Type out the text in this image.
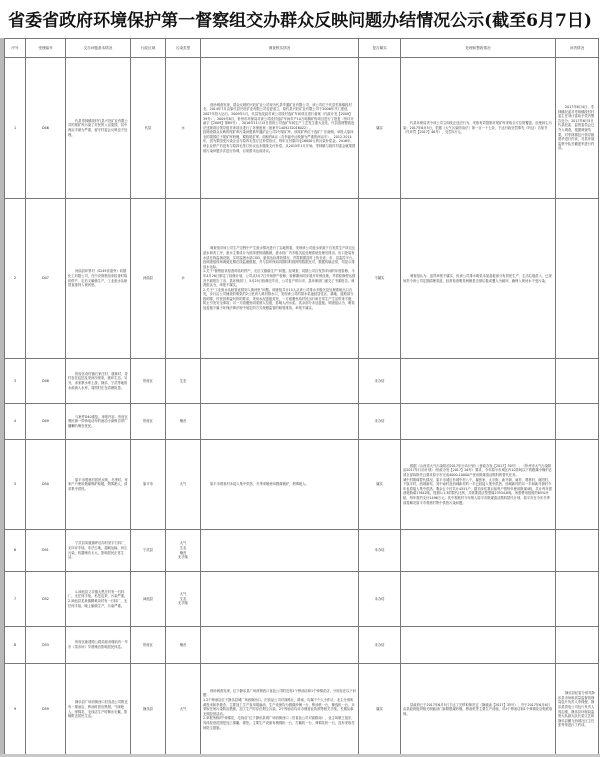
省委省政府环境保护第一督察组交办群众反映问题办结情况公示(截至6月7日)
序号	受理编号	交办问题基本情况	行政区域	污染类型	调查核实情况	是否属实	处理和整改情况	问责情况
1	D46	代县枣林镇段村代县兴旺矿业有限公司的尾矿库污染了村民的八亩果园，其中两亩半最为严重，留守村委会反映也不处理。	代县	水	现场调查发现，群众反映的兴旺矿业公司现为代县华通矿业有限公司，该公司位于代县枣林镇段村北，2014年7月由原代县兴旺矿业有限公司变更成立，原代县兴旺矿业有限公司于2006年开工建设，2007年投入运行。2009年1月，代县发改局对该公司段村选矿车间项目进行备案（代政计发【2009】39号）。2009年8月，忻州市环保局对该公司段村选矿车间年产10万吨精矿粉项目进行了批复（忻环开函字【2009】第85号），2016年11月15日因该公司选矿车间生产工艺发生重大变化，代县清理整改违法违规项目领导组对该项目进行了环保备案（备案号1409232016022）。
经调查群众反映的尾矿库污染问题系华通矿业公司2号尾矿库，该尾矿库位于选矿厂东南侧。举报人原四毛的果园位于尾矿库西侧，紧临尾矿库，面积约8亩（含李福中反映最为严重的两亩半），2012-2014年，因为果园受污染企业与原四毛签订过补偿协议，每年支付原四毛16000元的污染补偿金。2016年，该企业停产后没有与原四毛签订协议也未继续支付补偿。从2015年1月开始，枣林镇与段村村委会就果园被污染问题多次进行协调，目前暂未达成协议。	属实	代县环保局责令该公司立即改正违法行为，采取有效措施对尾矿库采取全方位防覆盖，杜绝扬尘污染；2017年6月5日，依据《大气污染防治法》第一百一十七条，下达行政处罚事先（听证）告知书（代环罚【2017】46号），处罚5万元。	2017年6月4日，枣林镇纪委对枣林镇段村村委主任刘计富给予党内警告处分；2017年6月5日代县纪委、监察委员会已介入调查，根据调查结果，对枣林镇包片领导姚建华进行约谈，对县环境监察中队长戴建军进行约谈。
2	D47	河曲县环景村（S249省道旁）同德化工有限公司，在中央督察组来检查时临时停产，走后又偷偷生产，工业废水从暗管直排到入黄河里。	河曲县	水	调查组对该公司生产过程中产生废水情况进行了实地察看，发现该公司废水来源于自发蒸生产项目压滤水和洗工序，废水主要成分为低浓度的硫酸钠，废水经厂内多级沉淀处理系统处理后排出，出口处装有水质在线监测设施，实时监测水质COD、氨氮达标排放情况，并将数据及时上传至省、市、县监控平台。经调查组现场调阅近期在线监测数据，并与县环保局同期同时段网络数据比对，数据传输正常，均显示排放水达标。
1.关于“督察组来检查时临时停产，走后又偷偷生产”问题。经调查，同德公司自发蒸车间的年度检修，今年4月26日制定了检修计划，公司从5月7日开始停产检修，检修期间同步展开环保设施，并将检修停运情况书面报告了市、县环保部门，5月25日检修完毕后，公司复产时向市、县环保部门递交了书面报告。调查组认为，举报不属实。
2.关于“工业废水从暗管直排到入黄河里”问题。调查组共计15人从该公司排水多级沉淀处理系统出口自发，步行沿公司铺设的明渠约2公里到入黄河排水口，发现该公司的排水渠途经居住区、耕地、道路部分段明排，村民因利益纠纷的要求，采用水泥盖板封死，一方面避免给村民出行和日常生产生活带来不便，防止引发安全事故；另一方面避免明渠被人拉圾，影响人河水质。其余部分未加盖板。调查组认为，明渠加盖板不属于环保法律法规中规定的方式规避监管的暗管排放，举报不属实。	不属实	调查组认为，虽然举报不属实，但该公司排水明渠未加盖板部分有居民生产、生活垃圾混入，已现场责令该公司定期清理渠道，经常检查明渠两侧是否被垃圾或遭人为破坏，确保入黄河水不受污染。	
3	D48	忻府区奇村镇石家庄村、康林村、奇村存在乱挖乱采河沙现象，破坏生态。另外，米家寨水库上游，静乐、宁武等地的水源流入水库，周围村庄在清理防患。	忻府区	生态		未办结		
4	D49	与案件D40重复。举报内容：忻府区利民街一带骑电动车的流动小商贩自带广播喇叭噪音扰民。	忻府区	噪音		未办结		
5	D50	原平市观巷村居民反映，冬季时，家家户户使用燃煤锅炉取暖，烟雾呛人，请求集中供热。	原平市	大气	原平市观巷村未接入集中供热，冬季采暖使用燃煤锅炉，烟雾呛人。	属实	根据《山西省大气污染防治2017年行动计划》（晋政办发【2017】30号）、《忻州市大气污染防治2017年行动计划》（忻政办发【2017】26号）要求，今年原平市城区内10蒸吨以下的燃煤小锅炉必须全部拆除并且要求原平市完成4000-10000户民用散煤清洁燃料的替代任务。
城中村散煤替代情况。原平市城区有城中村八个，属张家、太平街、新马街、南村、观巷村、南阳村、下原平村、西城新村。其中南村及西城新村的一半已经接入集中供热，西城新村的另一半和新马街村今年也将接入集中供热。剩余五个村共计4551户，据初步估算目前每户按每年使用散煤4吨，共计每年需消耗散煤17642吨，按照1:1.3的替代比例，共需要清洁型型煤23534.6吨，所需费用按照约65%补贴，每年需约支付1496万元。其中观巷村今年纳入原平市散煤清洁燃料替代计划，原平市在今年冬季前将解决原平市观巷村集中供热污染问题。	
6	D51	宁武县凤凰镇坪后沟村宽宇石料厂，无环评手续，非法占地，超载运输，扬尘污染，机器噪音太大，影响居民正常生活。	宁武县	大气
生态
噪音
无手续		未办结		
7	D52	1.神池县义井镇大黑庄村有一石料厂，无任何手续，私挖乱采，污染严重。
2.神池县龙泉镇柳黄沟村有一石料厂，无任何手续，晚上偷偷生产，污染严重。	神池县	大气
生态
无手续		未办结		
8	D53	忻府区新建路公路局宿舍楼前有一早市（菜市场）早晨噪音影响居民休息。	忻府区	噪音		未办结		
9	D59	静乐县广场西街西口旧食品公司附近有一棉油店，榨油时冒出黑烟，气味呛人；弹棉花，毛线店生产时飘出毛絮，影响附近居民生活。	静乐县	大气	现场调查发现，位于静乐县广场西街西口食品公司附近有2个榨油店和1个弹棉花店，分别存在以下问题：
1.2个榨油店位于静乐县城广场西街西口，旧食品公司对面路北，路南，均属于个人小作坊，业主分别叫黄役米和李瑞杰，主要加工生产食用胡麻油，生产设备均为燃煤炒锅一台，榨油机一台，筛选机一台，未采取任何污染防治措施，加工生产时存在烟尘污染。2个榨油店均未办理营业执照等相关手续，长期从事无照经营活动。
2.举报所称的“弹棉花，毛线店”位于静乐县城广场西街西口（旧食品公司对面路南），业主叫做王旭东，具体经营范围是加工棉絮，棉垫。主要生产设备有梳棉机一台，打絮机一台，弹棉花机一台，没有采取任何防尘措施。	属实	县政府已于2017年6月5日下达了关停取缔决定（静政函【2017】35号），并于2017年6月6日由县政府组织相关职能部门拆除燃煤炒锅，榨油机等主要生产设施，对2个榨油店和1个弹棉花店彻底取缔。	静乐县纪委分别对静乐县市场和质量监督管理局包片负责人李保俊，静乐县供电公司包片负责人郭志刚，静乐县环保局监察大队副大队长梁文艺和静乐县鹏飞西城社区主任张秀荣进行了约谈。
